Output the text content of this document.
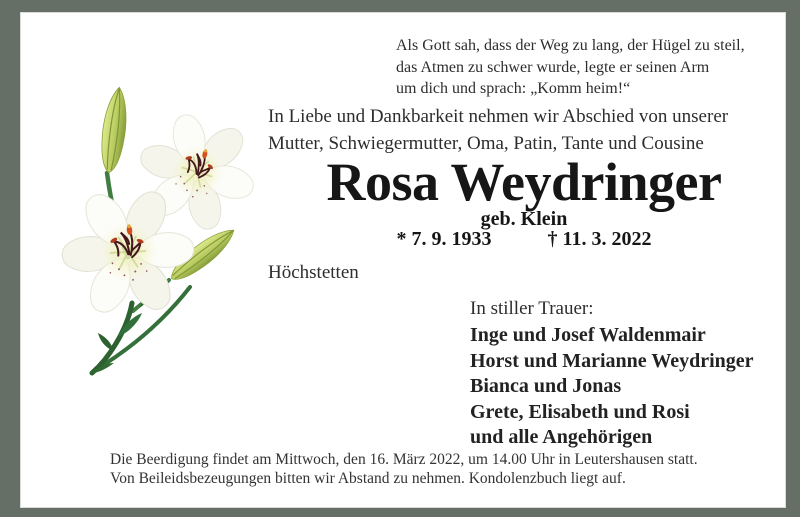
Als Gott sah, dass der Weg zu lang, der Hügel zu steil,
das Atmen zu schwer wurde, legte er seinen Arm
um dich und sprach: „Komm heim!“
In Liebe und Dankbarkeit nehmen wir Abschied von unserer
Mutter, Schwiegermutter, Oma, Patin, Tante und Cousine
Rosa Weydringer
geb. Klein
* 7. 9. 1933	† 11. 3. 2022
Höchstetten
In stiller Trauer:
Inge und Josef Waldenmair
Horst und Marianne Weydringer
Bianca und Jonas
Grete, Elisabeth und Rosi
und alle Angehörigen
Die Beerdigung findet am Mittwoch, den 16. März 2022, um 14.00 Uhr in Leutershausen statt.
Von Beileidsbezeugungen bitten wir Abstand zu nehmen. Kondolenzbuch liegt auf.
